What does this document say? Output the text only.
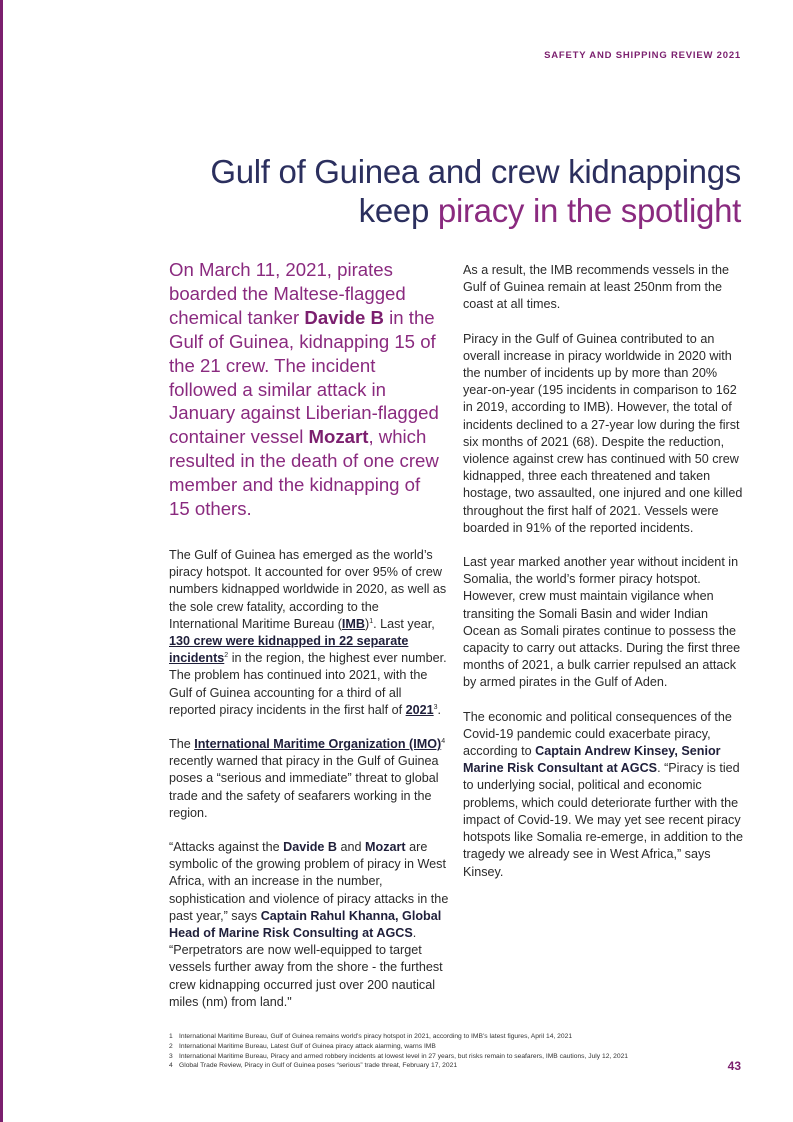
SAFETY AND SHIPPING REVIEW 2021
Gulf of Guinea and crew kidnappings
keep piracy in the spotlight

On March 11, 2021, pirates boarded the Maltese-flagged chemical tanker Davide B in the Gulf of Guinea, kidnapping 15 of the 21 crew. The incident followed a similar attack in January against Liberian-flagged container vessel Mozart, which resulted in the death of one crew member and the kidnapping of 15 others.

The Gulf of Guinea has emerged as the world’s piracy hotspot. It accounted for over 95% of crew numbers kidnapped worldwide in 2020, as well as the sole crew fatality, according to the International Maritime Bureau (IMB)$^1$. Last year, 130 crew were kidnapped in 22 separate incidents$^2$ in the region, the highest ever number. The problem has continued into 2021, with the Gulf of Guinea accounting for a third of all reported piracy incidents in the first half of 2021$^3$.

The International Maritime Organization (IMO)$^4$ recently warned that piracy in the Gulf of Guinea poses a “serious and immediate” threat to global trade and the safety of seafarers working in the region.

“Attacks against the Davide B and Mozart are symbolic of the growing problem of piracy in West Africa, with an increase in the number, sophistication and violence of piracy attacks in the past year,” says Captain Rahul Khanna, Global Head of Marine Risk Consulting at AGCS. “Perpetrators are now well-equipped to target vessels further away from the shore - the furthest crew kidnapping occurred just over 200 nautical miles (nm) from land."

As a result, the IMB recommends vessels in the Gulf of Guinea remain at least 250nm from the coast at all times.

Piracy in the Gulf of Guinea contributed to an overall increase in piracy worldwide in 2020 with the number of incidents up by more than 20% year-on-year (195 incidents in comparison to 162 in 2019, according to IMB). However, the total of incidents declined to a 27-year low during the first six months of 2021 (68). Despite the reduction, violence against crew has continued with 50 crew kidnapped, three each threatened and taken hostage, two assaulted, one injured and one killed throughout the first half of 2021. Vessels were boarded in 91% of the reported incidents.

Last year marked another year without incident in Somalia, the world’s former piracy hotspot. However, crew must maintain vigilance when transiting the Somali Basin and wider Indian Ocean as Somali pirates continue to possess the capacity to carry out attacks. During the first three months of 2021, a bulk carrier repulsed an attack by armed pirates in the Gulf of Aden.

The economic and political consequences of the Covid-19 pandemic could exacerbate piracy, according to Captain Andrew Kinsey, Senior Marine Risk Consultant at AGCS. “Piracy is tied to underlying social, political and economic problems, which could deteriorate further with the impact of Covid-19. We may yet see recent piracy hotspots like Somalia re-emerge, in addition to the tragedy we already see in West Africa,” says Kinsey.

1 International Maritime Bureau, Gulf of Guinea remains world’s piracy hotspot in 2021, according to IMB’s latest figures, April 14, 2021
2 International Maritime Bureau, Latest Gulf of Guinea piracy attack alarming, warns IMB
3 International Maritime Bureau, Piracy and armed robbery incidents at lowest level in 27 years, but risks remain to seafarers, IMB cautions, July 12, 2021
4 Global Trade Review, Piracy in Gulf of Guinea poses “serious” trade threat, February 17, 2021	43
